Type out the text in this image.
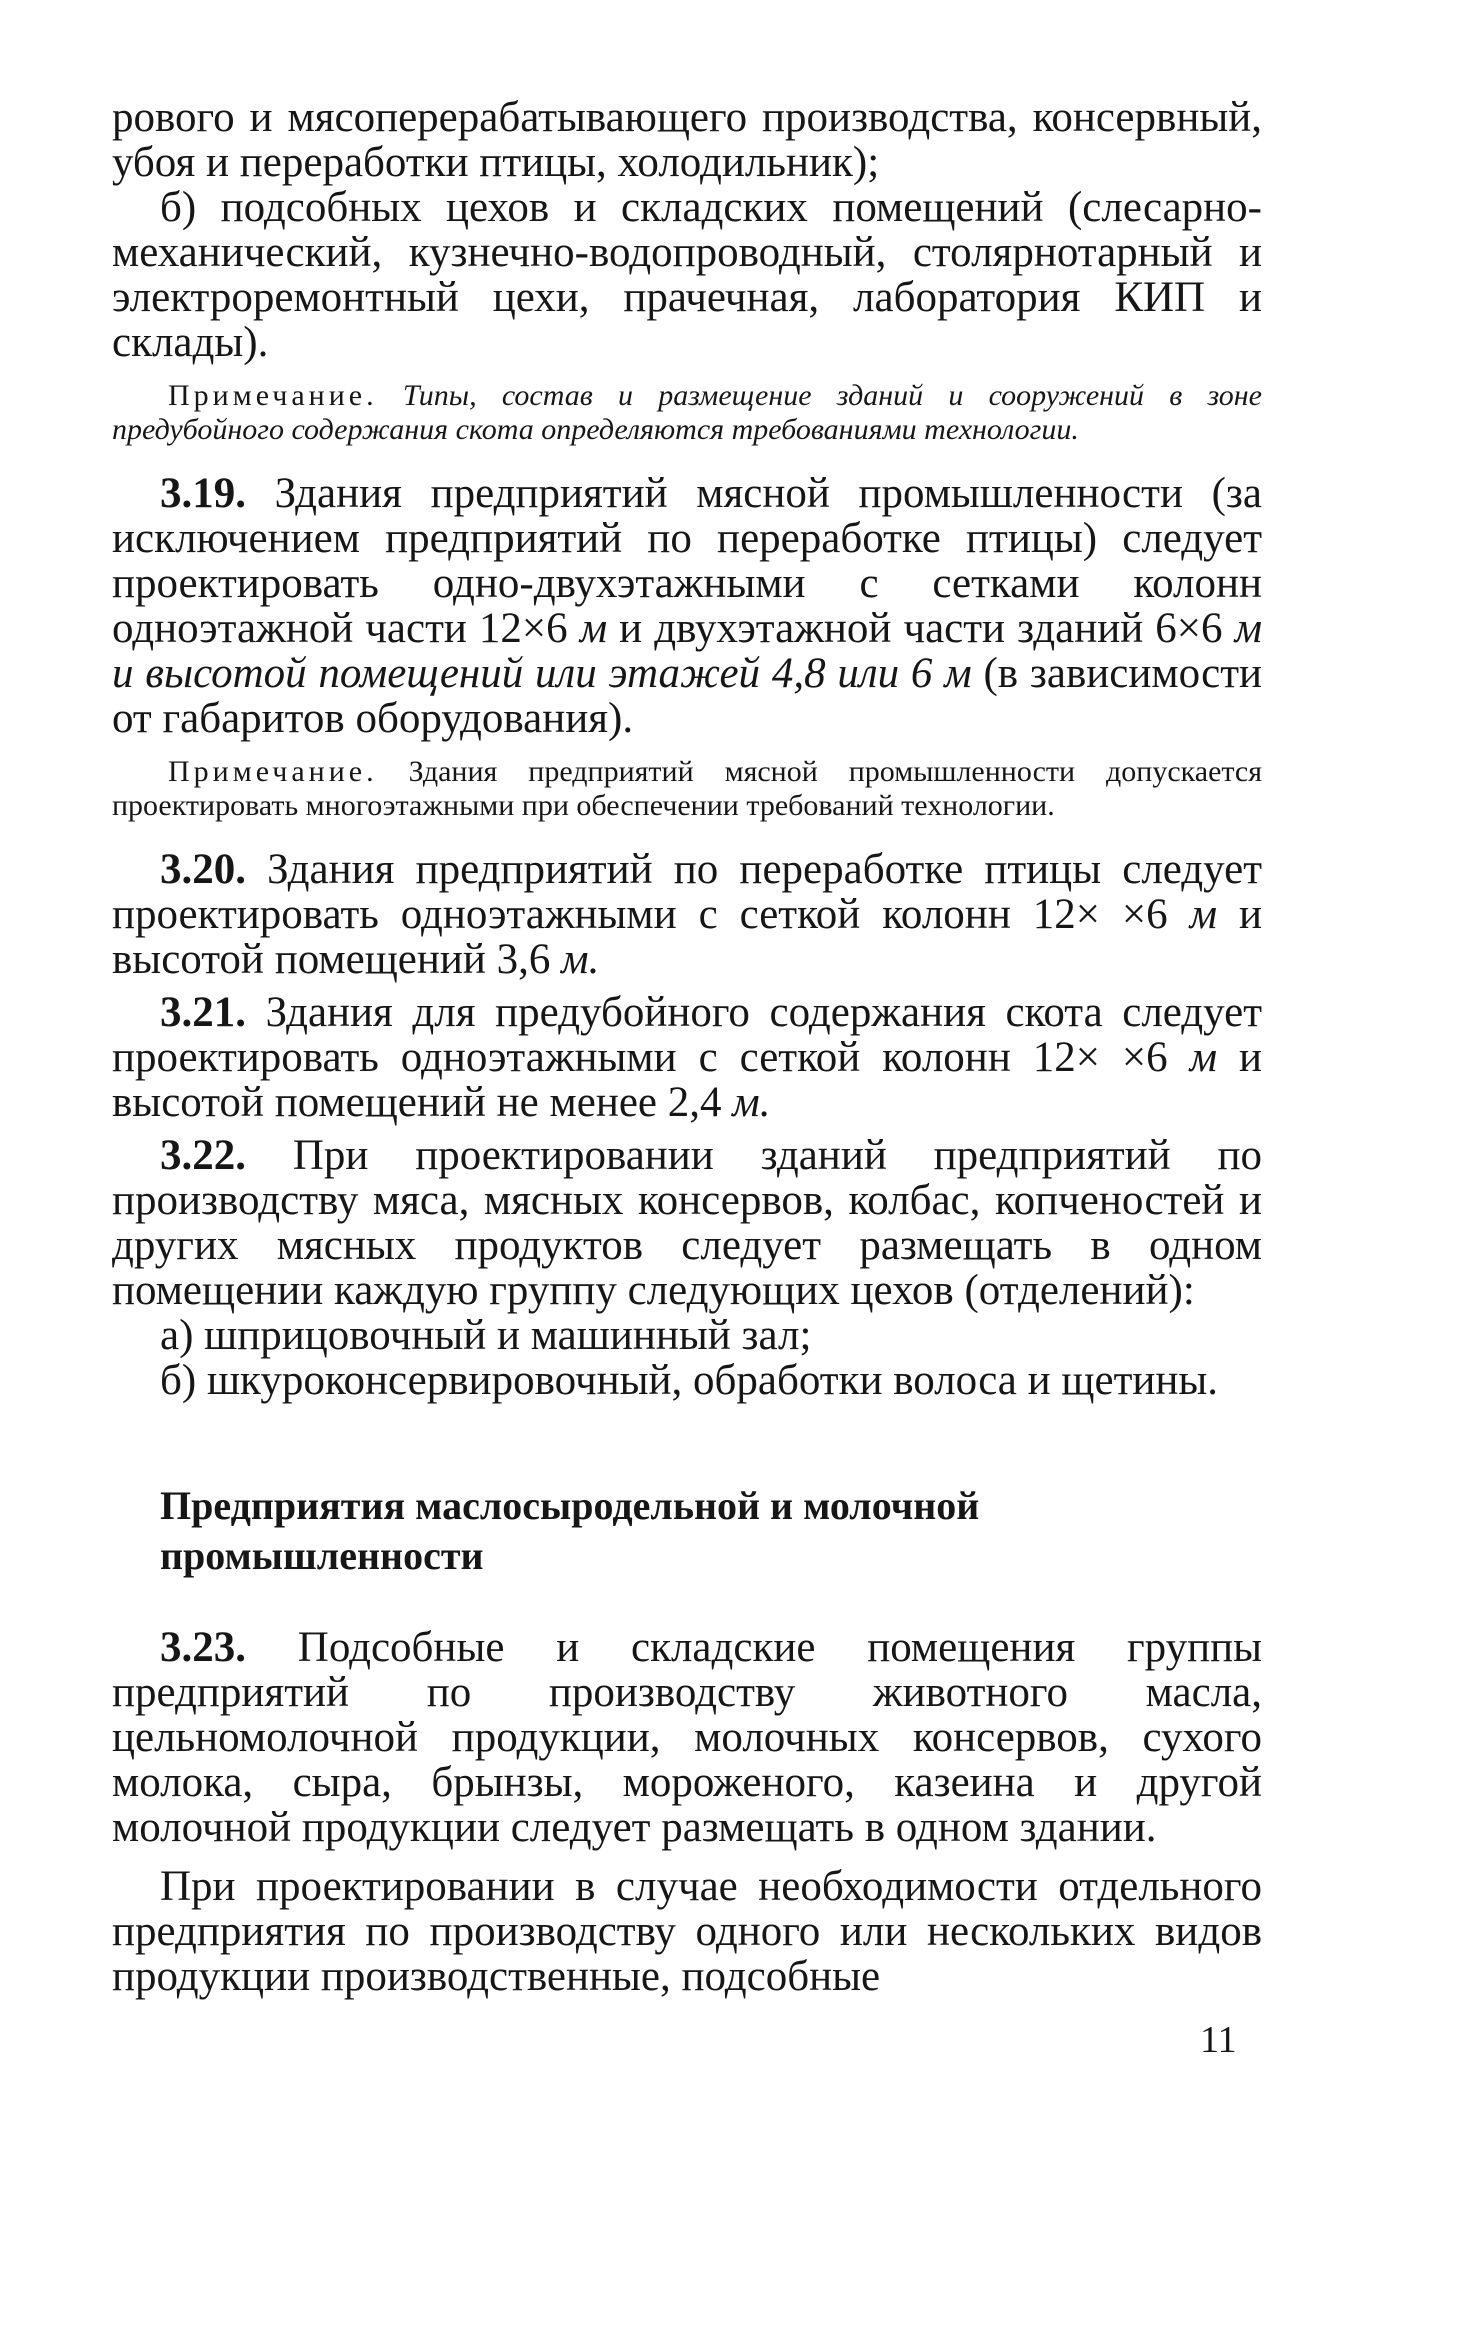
рового и мясоперерабатывающего производства, консервный, убоя и переработки птицы, холодильник);

б) подсобных цехов и складских помещений (слесарно-механический, кузнечно-водопроводный, столярнотарный и электроремонтный цехи, прачечная, лаборатория КИП и склады).

Примечание. Типы, состав и размещение зданий и сооружений в зоне предубойного содержания скота определяются требованиями технологии.

3.19. Здания предприятий мясной промышленности (за исключением предприятий по переработке птицы) следует проектировать одно-двухэтажными с сетками колонн одноэтажной части 12×6 м и двухэтажной части зданий 6×6 м и высотой помещений или этажей 4,8 или 6 м (в зависимости от габаритов оборудования).

Примечание. Здания предприятий мясной промышленности допускается проектировать многоэтажными при обеспечении требований технологии.

3.20. Здания предприятий по переработке птицы следует проектировать одноэтажными с сеткой колонн 12× ×6 м и высотой помещений 3,6 м.

3.21. Здания для предубойного содержания скота следует проектировать одноэтажными с сеткой колонн 12× ×6 м и высотой помещений не менее 2,4 м.

3.22. При проектировании зданий предприятий по производству мяса, мясных консервов, колбас, копченостей и других мясных продуктов следует размещать в одном помещении каждую группу следующих цехов (отделений):

а) шприцовочный и машинный зал;

б) шкуроконсервировочный, обработки волоса и щетины.

Предприятия маслосыродельной и молочной промышленности

3.23. Подсобные и складские помещения группы предприятий по производству животного масла, цельномолочной продукции, молочных консервов, сухого молока, сыра, брынзы, мороженого, казеина и другой молочной продукции следует размещать в одном здании.

При проектировании в случае необходимости отдельного предприятия по производству одного или нескольких видов продукции производственные, подсобные

11
